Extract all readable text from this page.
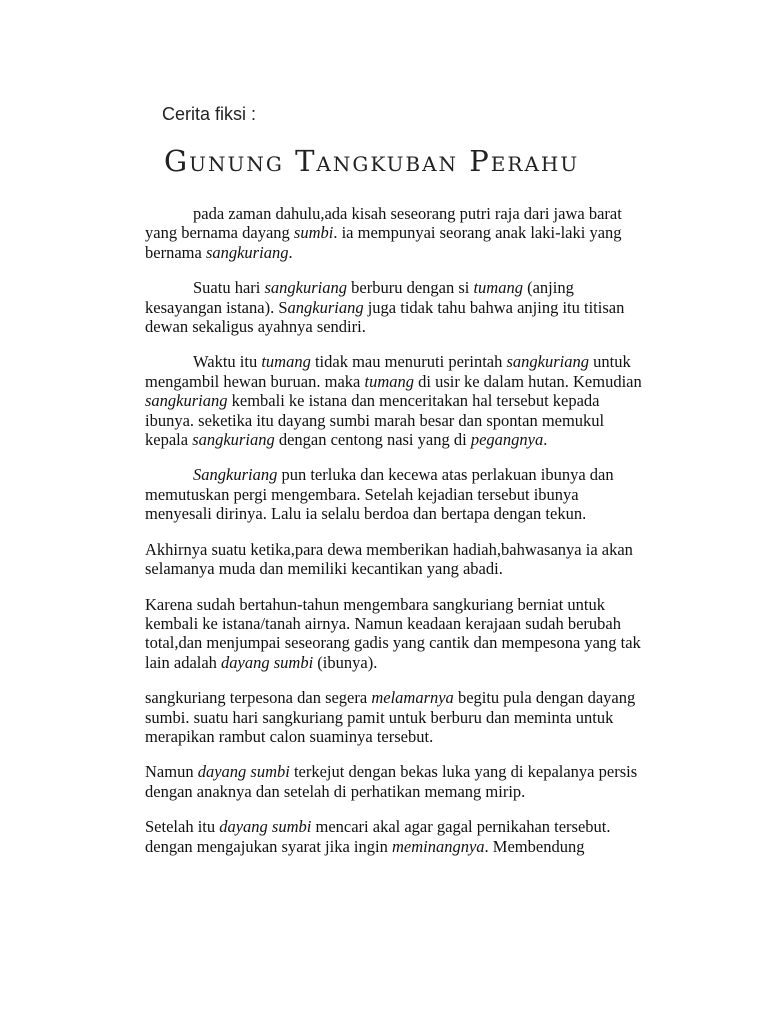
Cerita fiksi :

Gunung Tangkuban Perahu

pada zaman dahulu,ada kisah seseorang putri raja dari jawa barat yang bernama dayang sumbi. ia mempunyai seorang anak laki-laki yang bernama sangkuriang.

Suatu hari sangkuriang berburu dengan si tumang (anjing kesayangan istana). Sangkuriang juga tidak tahu bahwa anjing itu titisan dewan sekaligus ayahnya sendiri.

Waktu itu tumang tidak mau menuruti perintah sangkuriang untuk mengambil hewan buruan. maka tumang di usir ke dalam hutan. Kemudian sangkuriang kembali ke istana dan menceritakan hal tersebut kepada ibunya. seketika itu dayang sumbi marah besar dan spontan memukul kepala sangkuriang dengan centong nasi yang di pegangnya.

Sangkuriang pun terluka dan kecewa atas perlakuan ibunya dan memutuskan pergi mengembara. Setelah kejadian tersebut ibunya menyesali dirinya. Lalu ia selalu berdoa dan bertapa dengan tekun.

Akhirnya suatu ketika,para dewa memberikan hadiah,bahwasanya ia akan selamanya muda dan memiliki kecantikan yang abadi.

Karena sudah bertahun-tahun mengembara sangkuriang berniat untuk kembali ke istana/tanah airnya. Namun keadaan kerajaan sudah berubah total,dan menjumpai seseorang gadis yang cantik dan mempesona yang tak lain adalah dayang sumbi (ibunya).

sangkuriang terpesona dan segera melamarnya begitu pula dengan dayang sumbi. suatu hari sangkuriang pamit untuk berburu dan meminta untuk merapikan rambut calon suaminya tersebut.

Namun dayang sumbi terkejut dengan bekas luka yang di kepalanya persis dengan anaknya dan setelah di perhatikan memang mirip.

Setelah itu dayang sumbi mencari akal agar gagal pernikahan tersebut. dengan mengajukan syarat jika ingin meminangnya. Membendung
